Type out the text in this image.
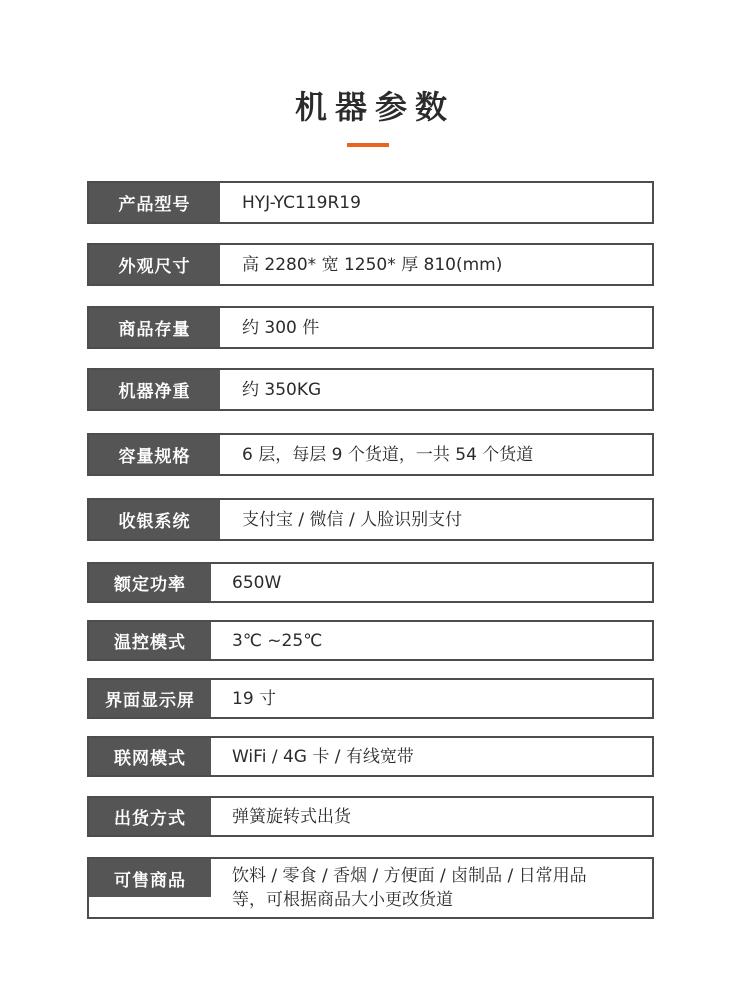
机器参数
产品型号	HYJ-YC119R19
外观尺寸	高 2280* 宽 1250* 厚 810(mm)
商品存量	约 300 件
机器净重	约 350KG
容量规格	6 层，每层 9 个货道，一共 54 个货道
收银系统	支付宝 / 微信 / 人脸识别支付
额定功率	650W
温控模式	3℃ ~25℃
界面显示屏	19 寸
联网模式	WiFi / 4G 卡 / 有线宽带
出货方式	弹簧旋转式出货
可售商品	饮料 / 零食 / 香烟 / 方便面 / 卤制品 / 日常用品
等，可根据商品大小更改货道
